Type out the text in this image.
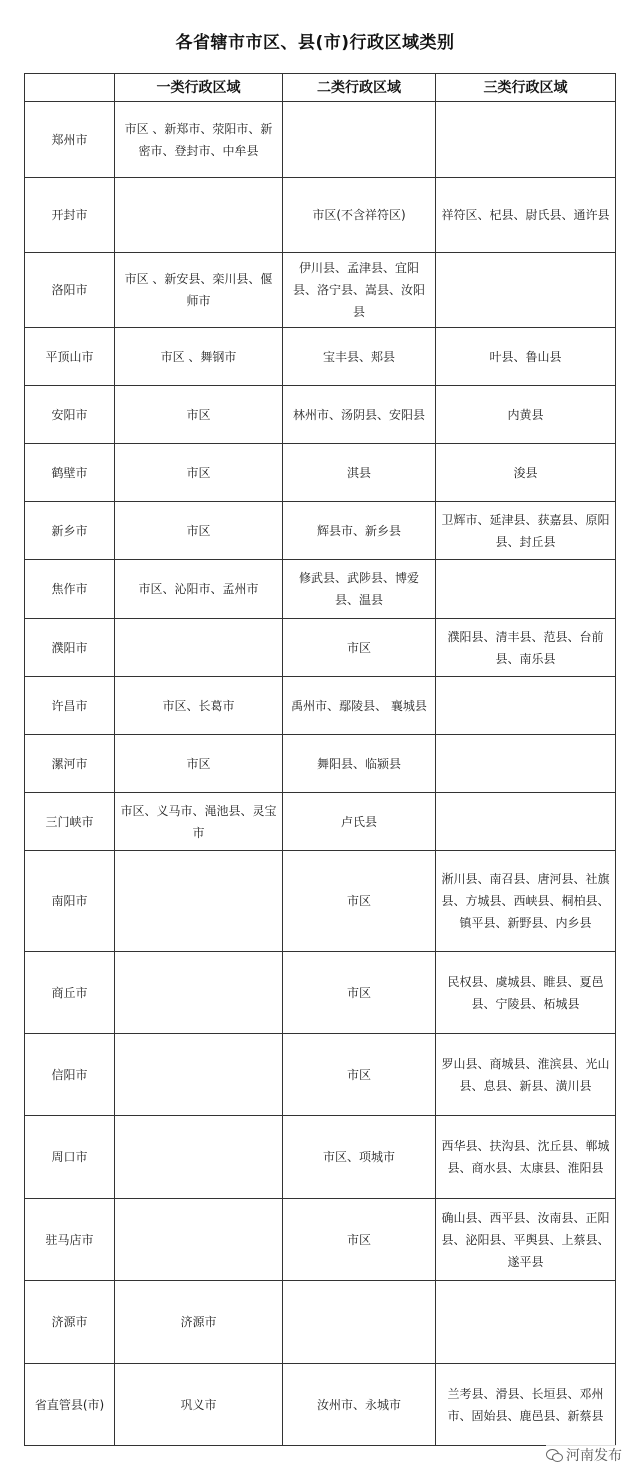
各省辖市市区、县(市)行政区域类别
	一类行政区域	二类行政区域	三类行政区域
郑州市	市区 、新郑市、荥阳市、新密市、登封市、中牟县		
开封市		市区(不含祥符区)	祥符区、杞县、尉氏县、通许县
洛阳市	市区 、新安县、栾川县、偃师市	伊川县、孟津县、宜阳县、洛宁县、嵩县、汝阳县	
平顶山市	市区 、舞钢市	宝丰县、郏县	叶县、鲁山县
安阳市	市区	林州市、汤阴县、安阳县	内黄县
鹤壁市	市区	淇县	浚县
新乡市	市区	辉县市、新乡县	卫辉市、延津县、获嘉县、原阳县、封丘县
焦作市	市区、沁阳市、孟州市	修武县、武陟县、博爱县、温县	
濮阳市		市区	濮阳县、清丰县、范县、台前县、南乐县
许昌市	市区、长葛市	禹州市、鄢陵县、 襄城县	
漯河市	市区	舞阳县、临颍县	
三门峡市	市区、义马市、渑池县、灵宝市	卢氏县	
南阳市		市区	淅川县、南召县、唐河县、社旗县、方城县、西峡县、桐柏县、镇平县、新野县、内乡县
商丘市		市区	民权县、虞城县、睢县、夏邑县、宁陵县、柘城县
信阳市		市区	罗山县、商城县、淮滨县、光山县、息县、新县、潢川县
周口市		市区、项城市	西华县、扶沟县、沈丘县、郸城县、商水县、太康县、淮阳县
驻马店市		市区	确山县、西平县、汝南县、正阳县、泌阳县、平舆县、上蔡县、遂平县
济源市	济源市		
省直管县(市)	巩义市	汝州市、永城市	兰考县、滑县、长垣县、邓州市、固始县、鹿邑县、新蔡县
河南发布
